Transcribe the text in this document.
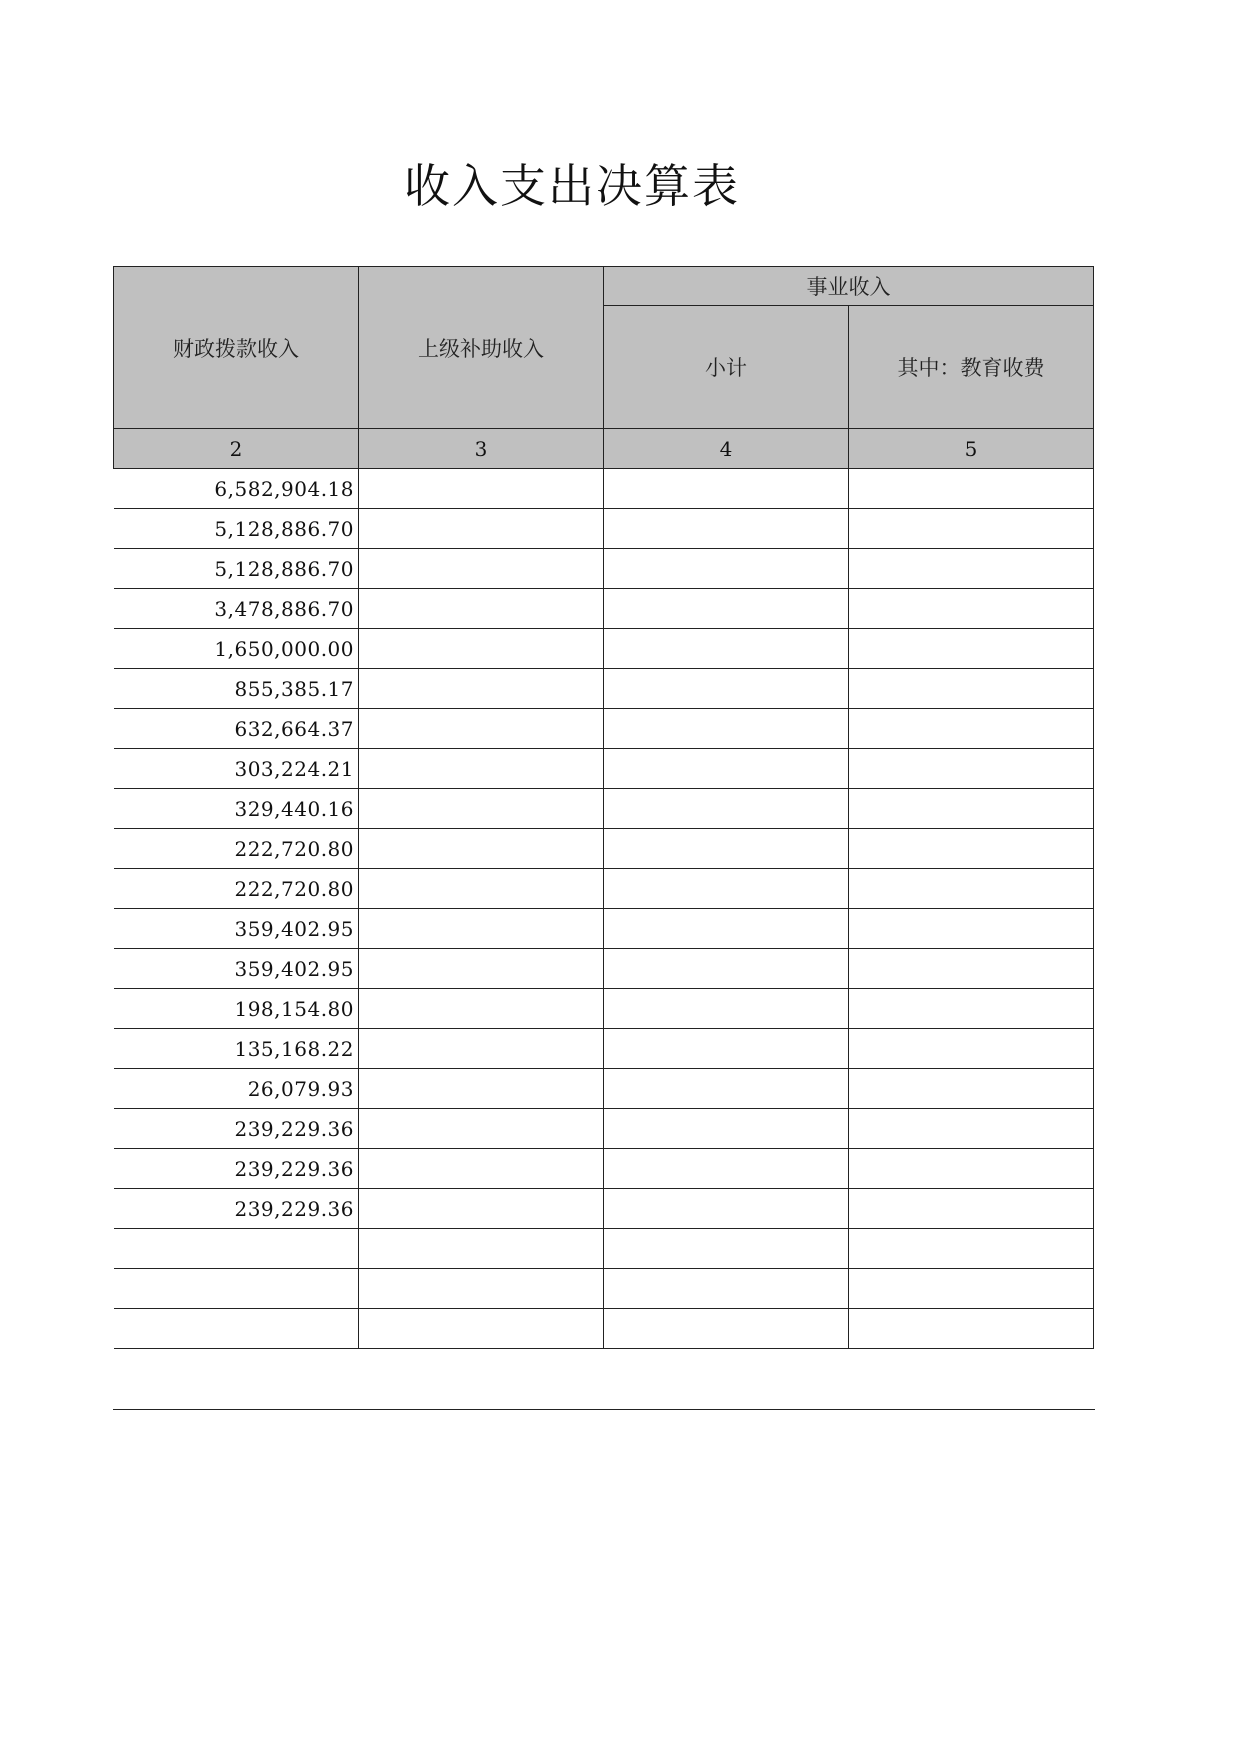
收入支出决算表
财政拨款收入	上级补助收入	事业收入	
		小计	其中：教育收费
2	3	4	5
6,582,904.18			
5,128,886.70			
5,128,886.70			
3,478,886.70			
1,650,000.00			
855,385.17			
632,664.37			
303,224.21			
329,440.16			
222,720.80			
222,720.80			
359,402.95			
359,402.95			
198,154.80			
135,168.22			
26,079.93			
239,229.36			
239,229.36			
239,229.36			
